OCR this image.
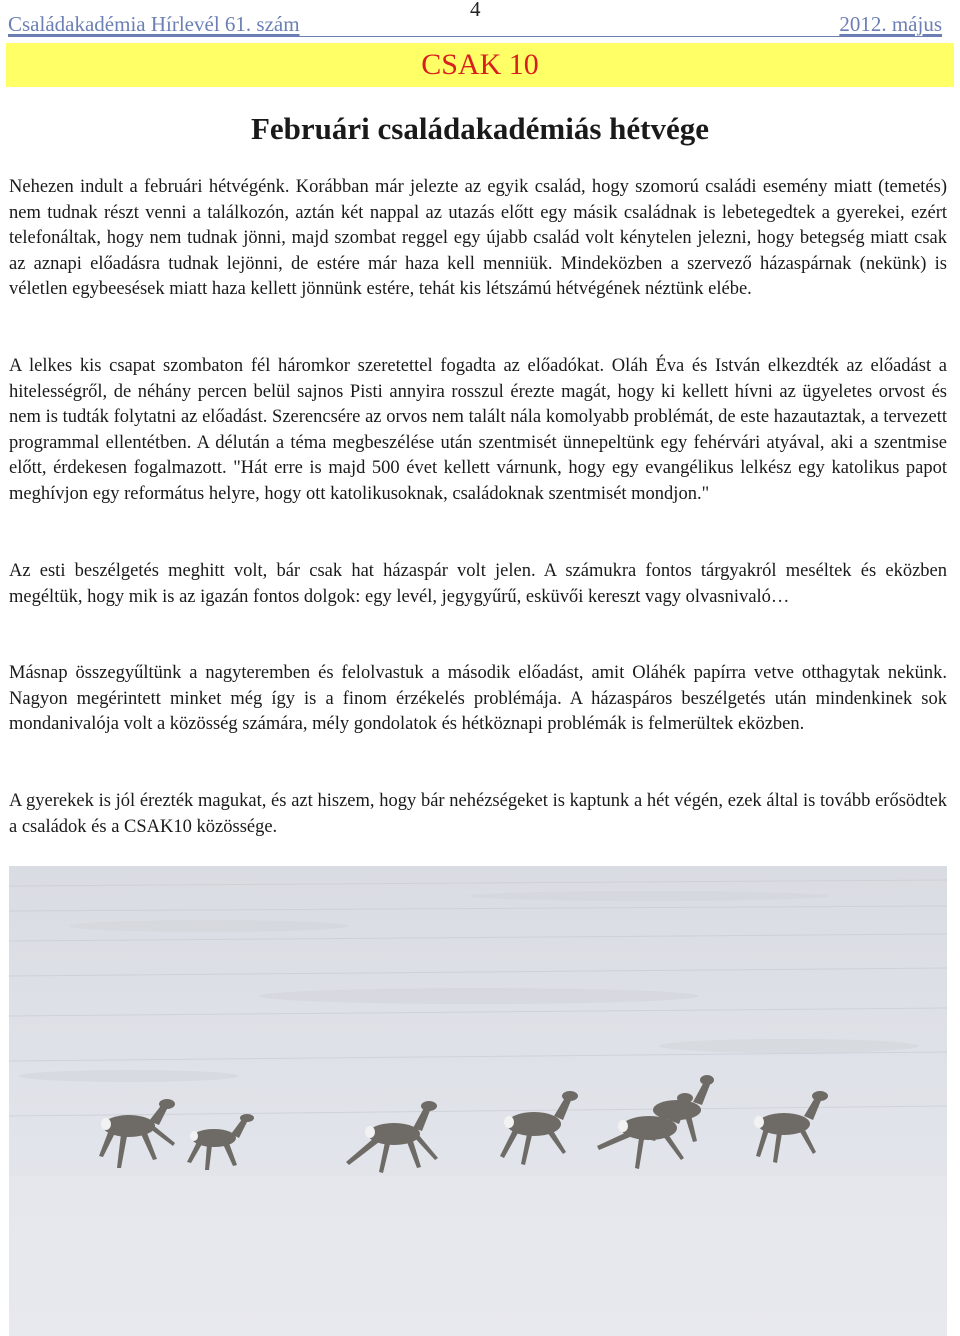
Családakadémia Hírlevél 61. szám
4
2012. május
CSAK 10
Februári családakadémiás hétvége
Nehezen indult a februári hétvégénk. Korábban már jelezte az egyik család, hogy szomorú családi esemény miatt (temetés) nem tudnak részt venni a találkozón, aztán két nappal az utazás előtt egy másik családnak is lebetegedtek a gyerekei, ezért telefonáltak, hogy nem tudnak jönni, majd szombat reggel egy újabb család volt kénytelen jelezni, hogy betegség miatt csak az aznapi előadásra tudnak lejönni, de estére már haza kell menniük. Mindeközben a szervező házaspárnak (nekünk) is véletlen egybeesések miatt haza kellett jönnünk estére, tehát kis létszámú hétvégének néztünk elébe.
A lelkes kis csapat szombaton fél háromkor szeretettel fogadta az előadókat. Oláh Éva és István elkezdték az előadást a hitelességről, de néhány percen belül sajnos Pisti annyira rosszul érezte magát, hogy ki kellett hívni az ügyeletes orvost és nem is tudták folytatni az előadást. Szerencsére az orvos nem talált nála komolyabb problémát, de este hazautaztak, a tervezett programmal ellentétben. A délután a téma megbeszélése után szentmisét ünnepeltünk egy fehérvári atyával, aki a szentmise előtt, érdekesen fogalmazott. "Hát erre is majd 500 évet kellett várnunk, hogy egy evangélikus lelkész egy katolikus papot meghívjon egy református helyre, hogy ott katolikusoknak, családoknak szentmisét mondjon."
Az esti beszélgetés meghitt volt, bár csak hat házaspár volt jelen. A számukra fontos tárgyakról meséltek és eközben megéltük, hogy mik is az igazán fontos dolgok: egy levél, jegygyűrű, esküvői kereszt vagy olvasnivaló…
Másnap összegyűltünk a nagyteremben és felolvastuk a második előadást, amit Oláhék papírra vetve otthagytak nekünk. Nagyon megérintett minket még így is a finom érzékelés problémája. A házaspáros beszélgetés után mindenkinek sok mondanivalója volt a közösség számára, mély gondolatok és hétköznapi problémák is felmerültek eközben.
A gyerekek is jól érezték magukat, és azt hiszem, hogy bár nehézségeket is kaptunk a hét végén, ezek által is tovább erősödtek a családok és a CSAK10 közössége.
